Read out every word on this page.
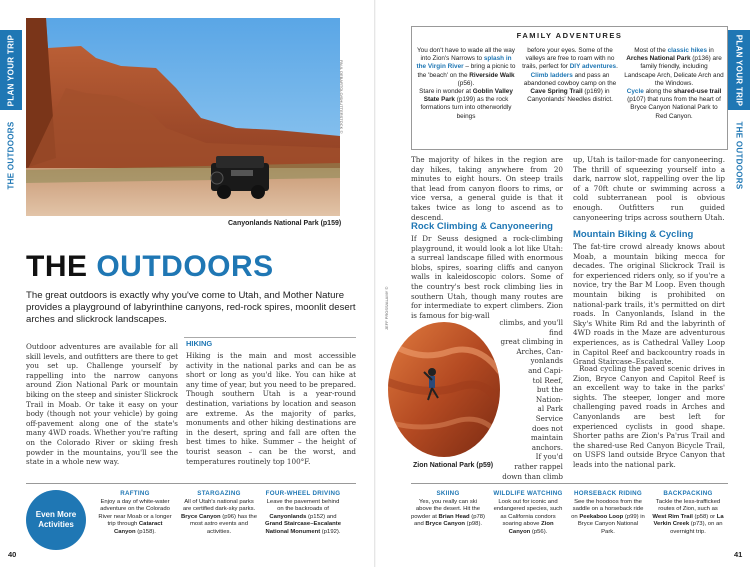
PLAN YOUR TRIP
THE OUTDOORS
PLAN YOUR TRIP
THE OUTDOORS
PAUL DEBARTOLO/SHUTTERSTOCK ©
Canyonlands National Park (p159)
THE OUTDOORS
The great outdoors is exactly why you've come to Utah, and Mother Nature provides a playground of labyrinthine canyons, red-rock spires, moonlit desert arches and slickrock landscapes.
Outdoor adventures are available for all skill levels, and outfitters are there to get you set up. Challenge yourself by rappelling into the narrow canyons around Zion National Park or mountain biking on the steep and sinister Slickrock Trail in Moab. Or take it easy on your body (though not your vehicle) by going off-pavement along one of the state's many 4WD roads. Whether you're rafting on the Colorado River or skiing fresh powder in the mountains, you'll see the state in a whole new way.
HIKING
Hiking is the main and most accessible activity in the national parks and can be as short or long as you'd like. You can hike at any time of year, but you need to be prepared. Though southern Utah is a year-round destination, variations by location and season are extreme. As the majority of parks, monuments and other hiking destinations are in the desert, spring and fall are often the best times to hike. Summer – the height of tourist season – can be the worst, and temperatures routinely top 100°F.
FAMILY ADVENTURES
You don't have to wade all the way into Zion's Narrows to splash in the Virgin River – bring a picnic to the 'beach' on the Riverside Walk (p56).
Stare in wonder at Goblin Valley State Park (p199) as the rock formations turn into otherworldly beings
before your eyes. Some of the valleys are free to roam with no trails, perfect for DIY adventures.
Climb ladders and pass an abandoned cowboy camp on the Cave Spring Trail (p169) in Canyonlands' Needles district.
Most of the classic hikes in Arches National Park (p136) are family friendly, including Landscape Arch, Delicate Arch and the Windows.
Cycle along the shared-use trail (p107) that runs from the heart of Bryce Canyon National Park to Red Canyon.
The majority of hikes in the region are day hikes, taking anywhere from 20 minutes to eight hours. On steep trails that lead from canyon floors to rims, or vice versa, a general guide is that it takes twice as long to ascend as to descend.
Rock Climbing & Canyoneering
If Dr Seuss designed a rock-climbing playground, it would look a lot like Utah: a surreal landscape filled with enormous blobs, spires, soaring cliffs and canyon walls in kaleidoscopic colors. Some of the country's best rock climbing lies in southern Utah, though many routes are for intermediate to expert climbers. Zion is famous for big-wall
JEFF PROSS/ALAMY ©
Zion National Park (p59)
climbs, and you'll find
great climbing in
Arches, Can-
yonlands
and Capi-
tol Reef,
but the
Nation-
al Park
Service
does not
maintain
anchors.
If you'd
rather rappel
down than climb
up, Utah is tailor-made for canyoneering. The thrill of squeezing yourself into a dark, narrow slot, rappelling over the lip of a 70ft chute or swimming across a cold subterranean pool is obvious enough. Outfitters run guided canyoneering trips across southern Utah.
Mountain Biking & Cycling
The fat-tire crowd already knows about Moab, a mountain biking mecca for decades. The original Slickrock Trail is for experienced riders only, so if you're a novice, try the Bar M Loop. Even though mountain biking is prohibited on national-park trails, it's permitted on dirt roads. In Canyonlands, Island in the Sky's White Rim Rd and the labyrinth of 4WD roads in the Maze are adventurous experiences, as is Cathedral Valley Loop in Capitol Reef and backcountry roads in Grand Staircase–Escalante.
Road cycling the paved scenic drives in Zion, Bryce Canyon and Capitol Reef is an excellent way to take in the parks' sights. The steeper, longer and more challenging paved roads in Arches and Canyonlands are best left for experienced cyclists in good shape. Shorter paths are Zion's Pa'rus Trail and the shared-use Red Canyon Bicycle Trail, on USFS land outside Bryce Canyon that leads into the national park.
Even More Activities
RAFTING
Enjoy a day of white-water adventure on the Colorado River near Moab or a longer trip through Cataract Canyon (p158).
STARGAZING
All of Utah's national parks are certified dark-sky parks. Bryce Canyon (p96) has the most astro events and activities.
FOUR-WHEEL DRIVING
Leave the pavement behind on the backroads of Canyonlands (p152) and Grand Staircase–Escalante National Monument (p192).
SKIING
Yes, you really can ski above the desert. Hit the powder at Brian Head (p78) and Bryce Canyon (p98).
WILDLIFE WATCHING
Look out for iconic and endangered species, such as California condors soaring above Zion Canyon (p56).
HORSEBACK RIDING
See the hoodoos from the saddle on a horseback ride on Peekaboo Loop (p99) in Bryce Canyon National Park.
BACKPACKING
Tackle the less-trafficked routes of Zion, such as West Rim Trail (p58) or La Verkin Creek (p73), on an overnight trip.
40	41
